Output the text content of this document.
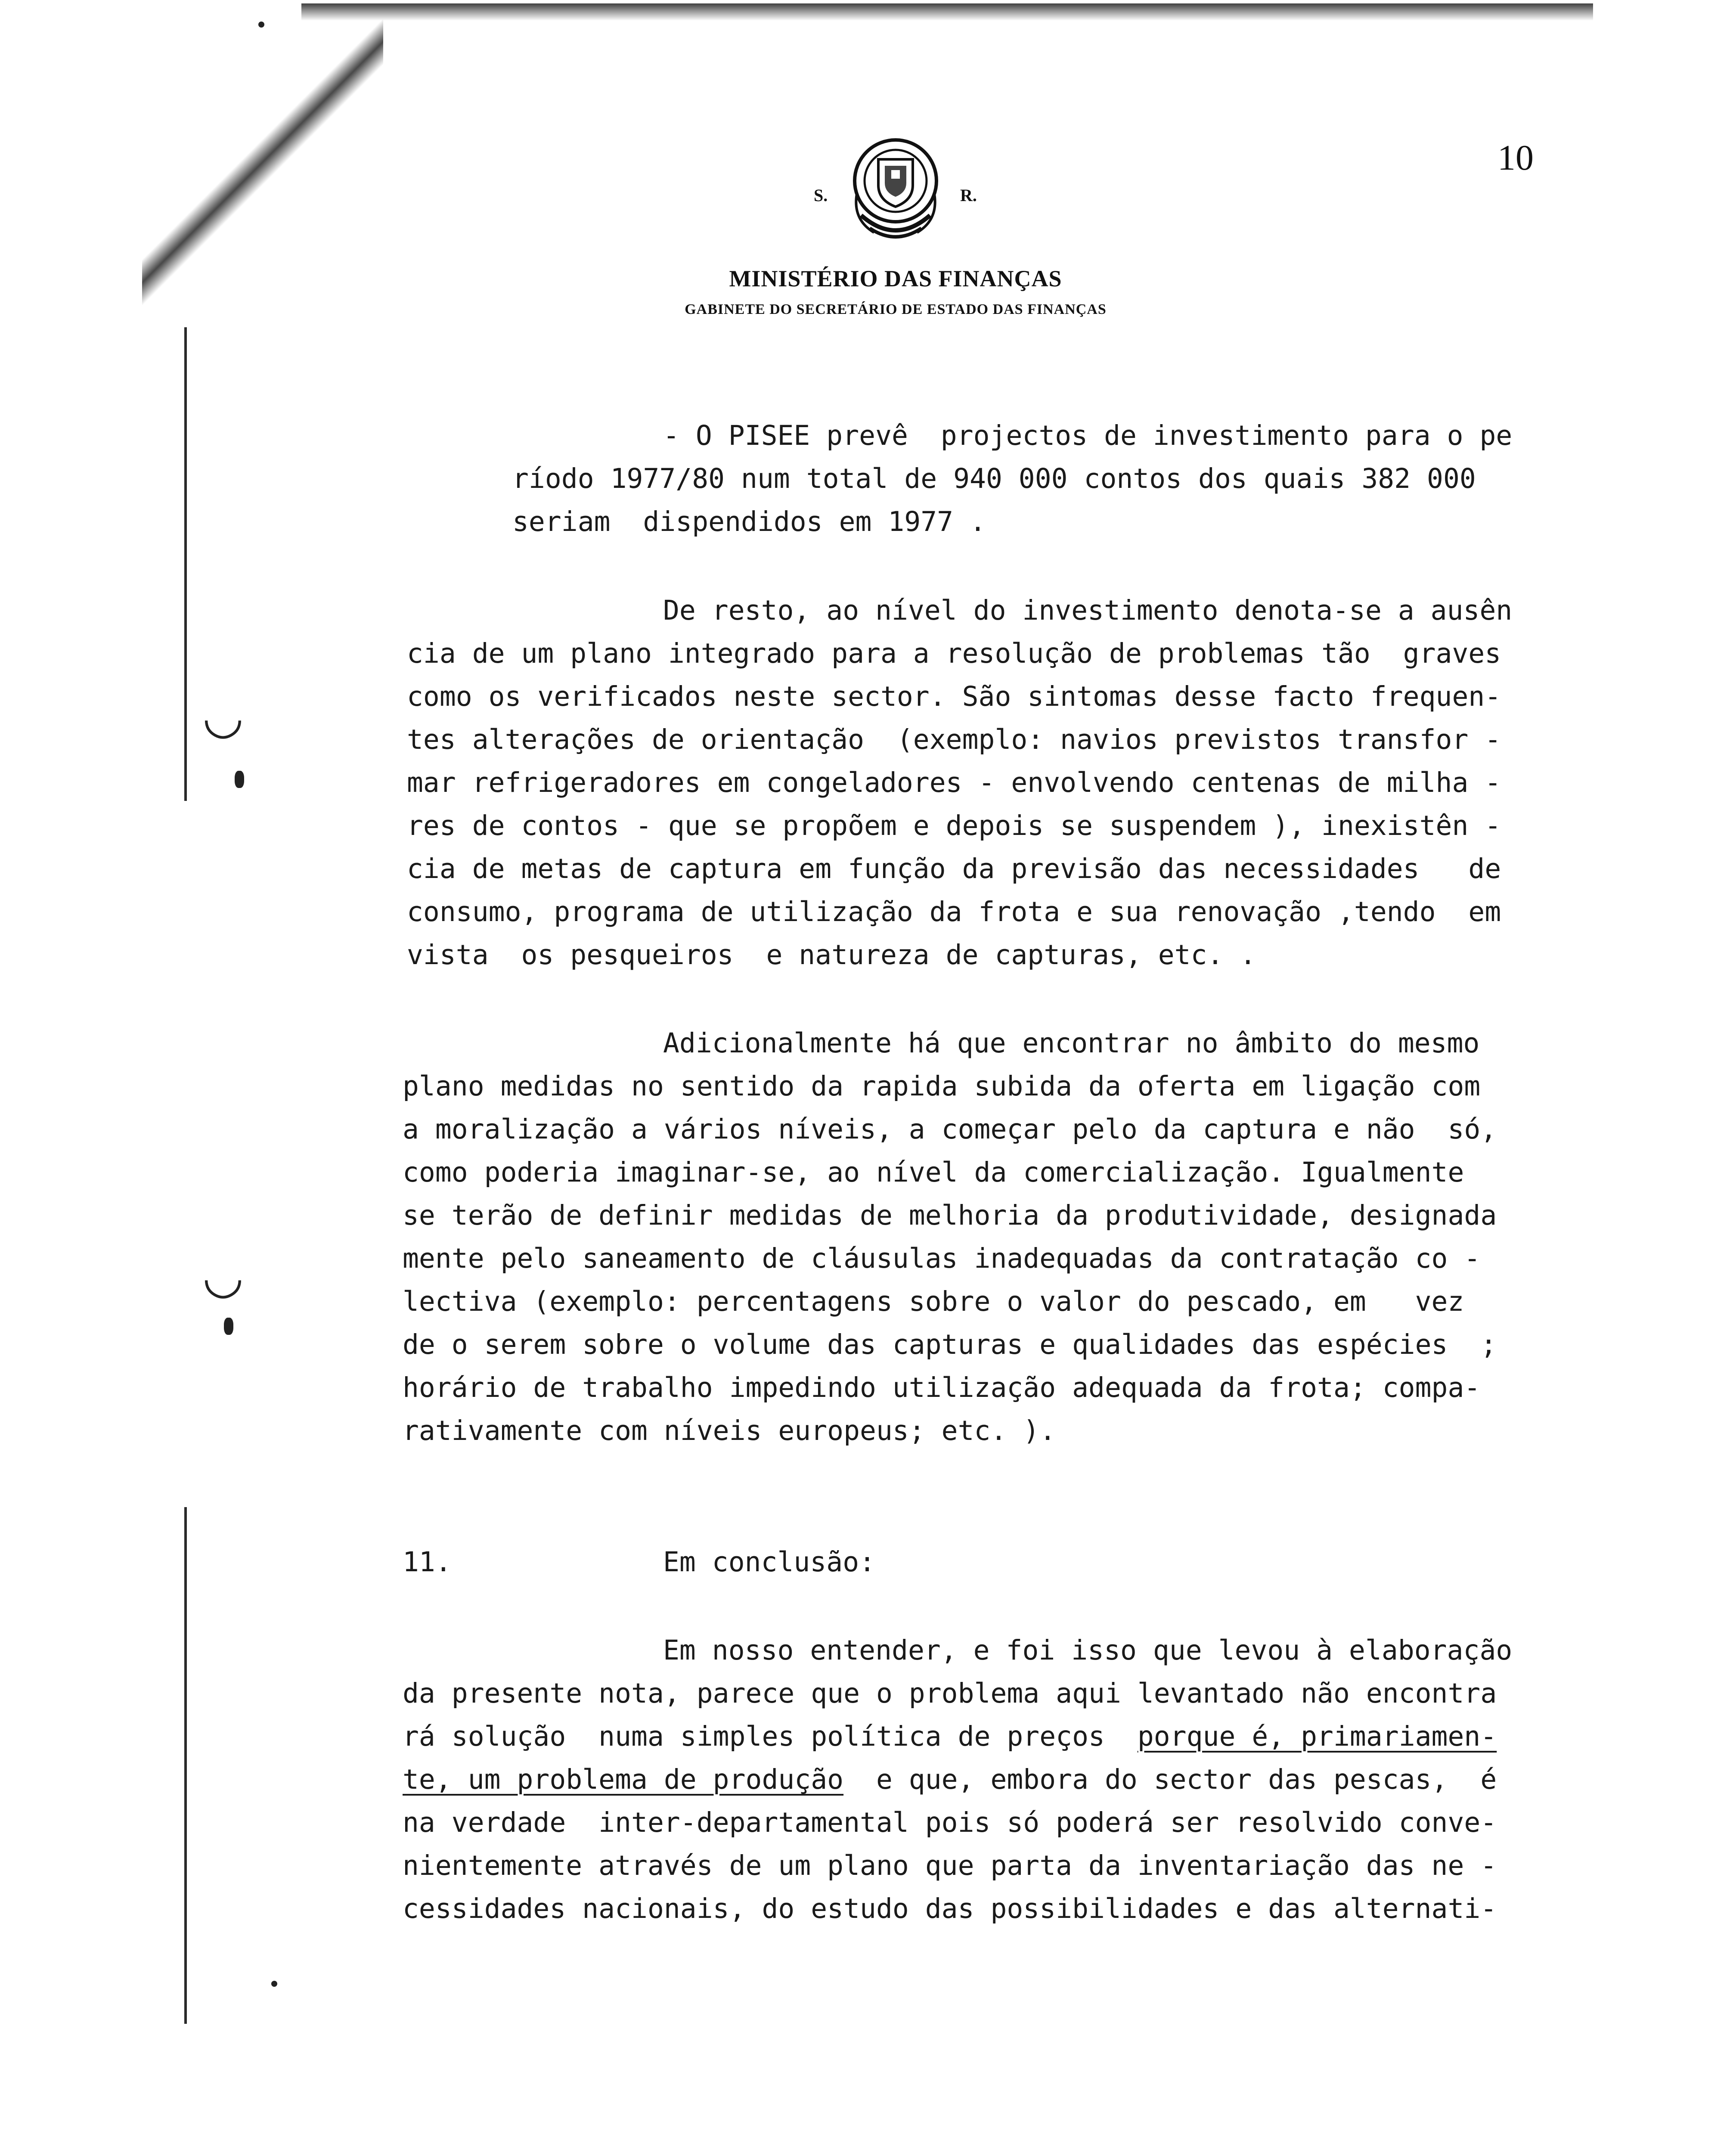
◡
◡
S.	R.
MINISTÉRIO DAS FINANÇAS
GABINETE DO SECRETÁRIO DE ESTADO DAS FINANÇAS
10
- O PISEE prevê  projectos de investimento para o pe
ríodo 1977/80 num total de 940 000 contos dos quais 382 000
seriam  dispendidos em 1977 .
De resto, ao nível do investimento denota-se a ausên
cia de um plano integrado para a resolução de problemas tão  graves
como os verificados neste sector. São sintomas desse facto frequen-
tes alterações de orientação  (exemplo: navios previstos transfor -
mar refrigeradores em congeladores - envolvendo centenas de milha -
res de contos - que se propõem e depois se suspendem ), inexistên -
cia de metas de captura em função da previsão das necessidades   de
consumo, programa de utilização da frota e sua renovação ,tendo  em
vista  os pesqueiros  e natureza de capturas, etc. .
Adicionalmente há que encontrar no âmbito do mesmo
plano medidas no sentido da rapida subida da oferta em ligação com
a moralização a vários níveis, a começar pelo da captura e não  só,
como poderia imaginar-se, ao nível da comercialização. Igualmente
se terão de definir medidas de melhoria da produtividade, designada
mente pelo saneamento de cláusulas inadequadas da contratação co -
lectiva (exemplo: percentagens sobre o valor do pescado, em   vez
de o serem sobre o volume das capturas e qualidades das espécies  ;
horário de trabalho impedindo utilização adequada da frota; compa-
rativamente com níveis europeus; etc. ).
11.	Em conclusão:
Em nosso entender, e foi isso que levou à elaboração
da presente nota, parece que o problema aqui levantado não encontra
rá solução  numa simples política de preços  porque é, primariamen-
te, um problema de produção  e que, embora do sector das pescas,  é
na verdade  inter-departamental pois só poderá ser resolvido conve-
nientemente através de um plano que parta da inventariação das ne -
cessidades nacionais, do estudo das possibilidades e das alternati-
